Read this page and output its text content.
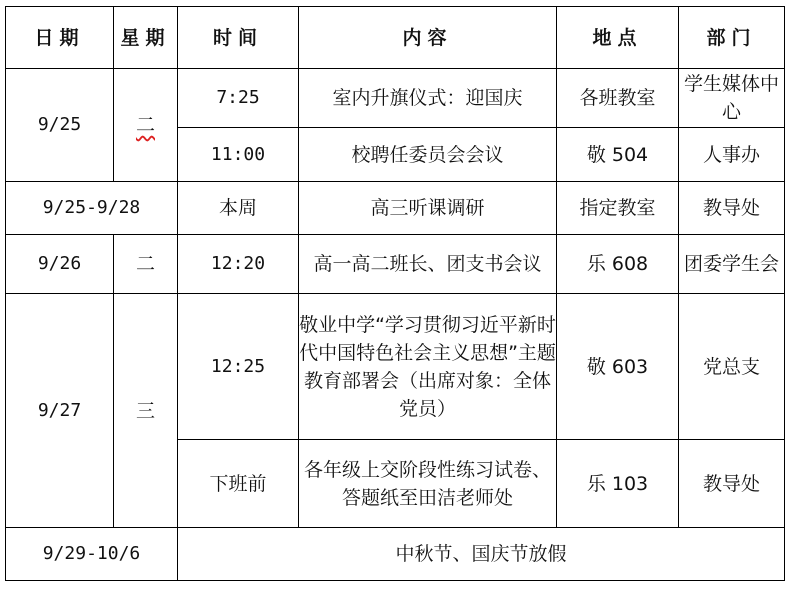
日期	星期	时间	内容	地点	部门
9/25	二	7:25	室内升旗仪式：迎国庆	各班教室	学生媒体中心
		11:00	校聘任委员会会议	敬 504	人事办
9/25-9/28		本周	高三听课调研	指定教室	教导处
9/26	二	12:20	高一高二班长、团支书会议	乐 608	团委学生会
9/27	三	12:25	敬业中学“学习贯彻习近平新时代中国特色社会主义思想”主题教育部署会（出席对象：全体党员）	敬 603	党总支
		下班前	各年级上交阶段性练习试卷、答题纸至田洁老师处	乐 103	教导处
9/29-10/6		中秋节、国庆节放假			
